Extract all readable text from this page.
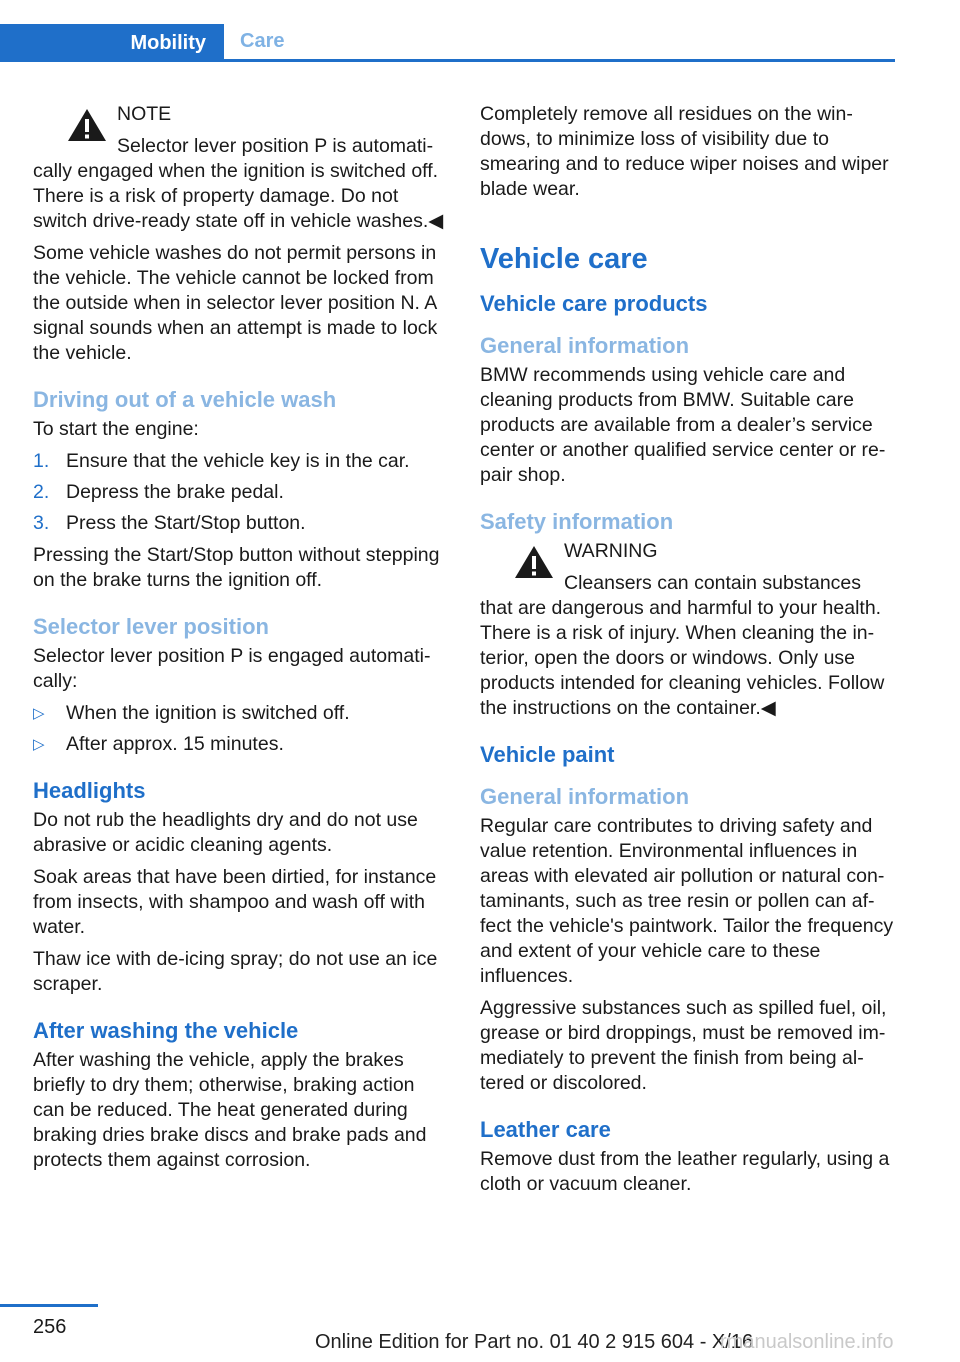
Mobility Care
NOTE
Selector lever position P is automatically engaged when the ignition is switched off. There is a risk of property damage. Do not switch drive-ready state off in vehicle washes.◀

Some vehicle washes do not permit persons in the vehicle. The vehicle cannot be locked from the outside when in selector lever position N. A signal sounds when an attempt is made to lock the vehicle.

Driving out of a vehicle wash

To start the engine:

1. Ensure that the vehicle key is in the car.
2. Depress the brake pedal.
3. Press the Start/Stop button.

Pressing the Start/Stop button without stepping on the brake turns the ignition off.

Selector lever position

Selector lever position P is engaged automatically:

▷ When the ignition is switched off.
▷ After approx. 15 minutes.
Headlights

Do not rub the headlights dry and do not use abrasive or acidic cleaning agents.

Soak areas that have been dirtied, for instance from insects, with shampoo and wash off with water.

Thaw ice with de-icing spray; do not use an ice scraper.

After washing the vehicle

After washing the vehicle, apply the brakes briefly to dry them; otherwise, braking action can be reduced. The heat generated during braking dries brake discs and brake pads and protects them against corrosion.

Completely remove all residues on the windows, to minimize loss of visibility due to smearing and to reduce wiper noises and wiper blade wear.

Vehicle care
Vehicle care products
General information

BMW recommends using vehicle care and cleaning products from BMW. Suitable care products are available from a dealer’s service center or another qualified service center or repair shop.

Safety information
WARNING
Cleansers can contain substances that are dangerous and harmful to your health. There is a risk of injury. When cleaning the interior, open the doors or windows. Only use products intended for cleaning vehicles. Follow the instructions on the container.◀
Vehicle paint
General information

Regular care contributes to driving safety and value retention. Environmental influences in areas with elevated air pollution or natural contaminants, such as tree resin or pollen can affect the vehicle's paintwork. Tailor the frequency and extent of your vehicle care to these influences.

Aggressive substances such as spilled fuel, oil, grease or bird droppings, must be removed immediately to prevent the finish from being altered or discolored.

Leather care

Remove dust from the leather regularly, using a cloth or vacuum cleaner.

256
Online Edition for Part no. 01 40 2 915 604 - X/16
rmanualsonline.info
